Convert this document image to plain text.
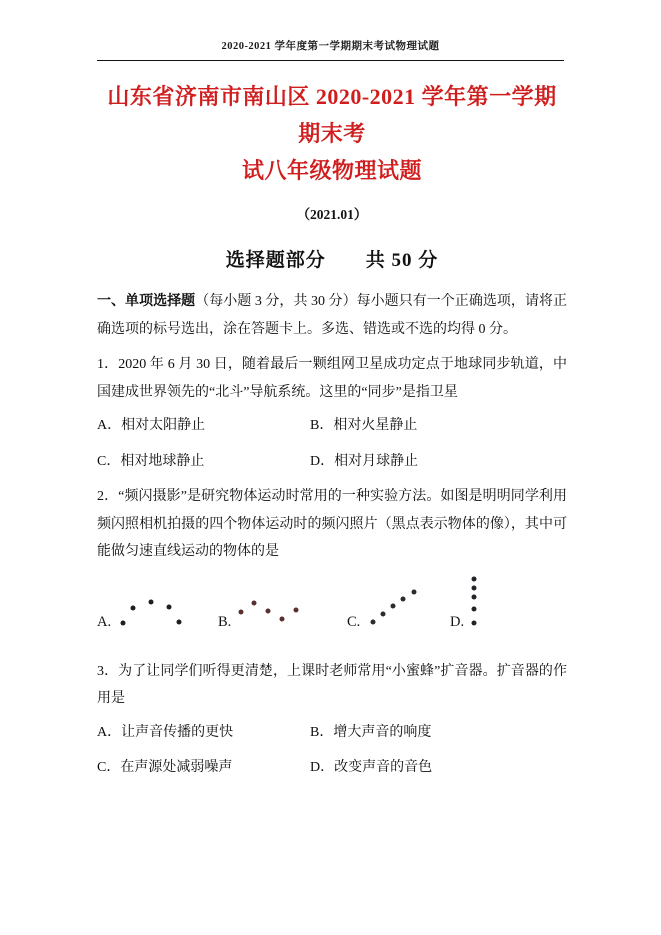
2020-2021 学年度第一学期期末考试物理试题
山东省济南市南山区 2020-2021 学年第一学期期末考
试八年级物理试题
（2021.01）
选择题部分　　共 50 分

一、单项选择题（每小题 3 分，共 30 分）每小题只有一个正确选项，请将正确选项的标号选出，涂在答题卡上。多选、错选或不选的均得 0 分。

1．2020 年 6 月 30 日，随着最后一颗组网卫星成功定点于地球同步轨道，中国建成世界领先的“北斗”导航系统。这里的“同步”是指卫星

A．相对太阳静止	B．相对火星静止
C．相对地球静止	D．相对月球静止

2．“频闪摄影”是研究物体运动时常用的一种实验方法。如图是明明同学利用频闪照相机拍摄的四个物体运动时的频闪照片（黑点表示物体的像），其中可能做匀速直线运动的物体的是

A.	B.	C.	D.

3．为了让同学们听得更清楚，上课时老师常用“小蜜蜂”扩音器。扩音器的作用是

A．让声音传播的更快	B．增大声音的响度
C．在声源处减弱噪声	D．改变声音的音色
